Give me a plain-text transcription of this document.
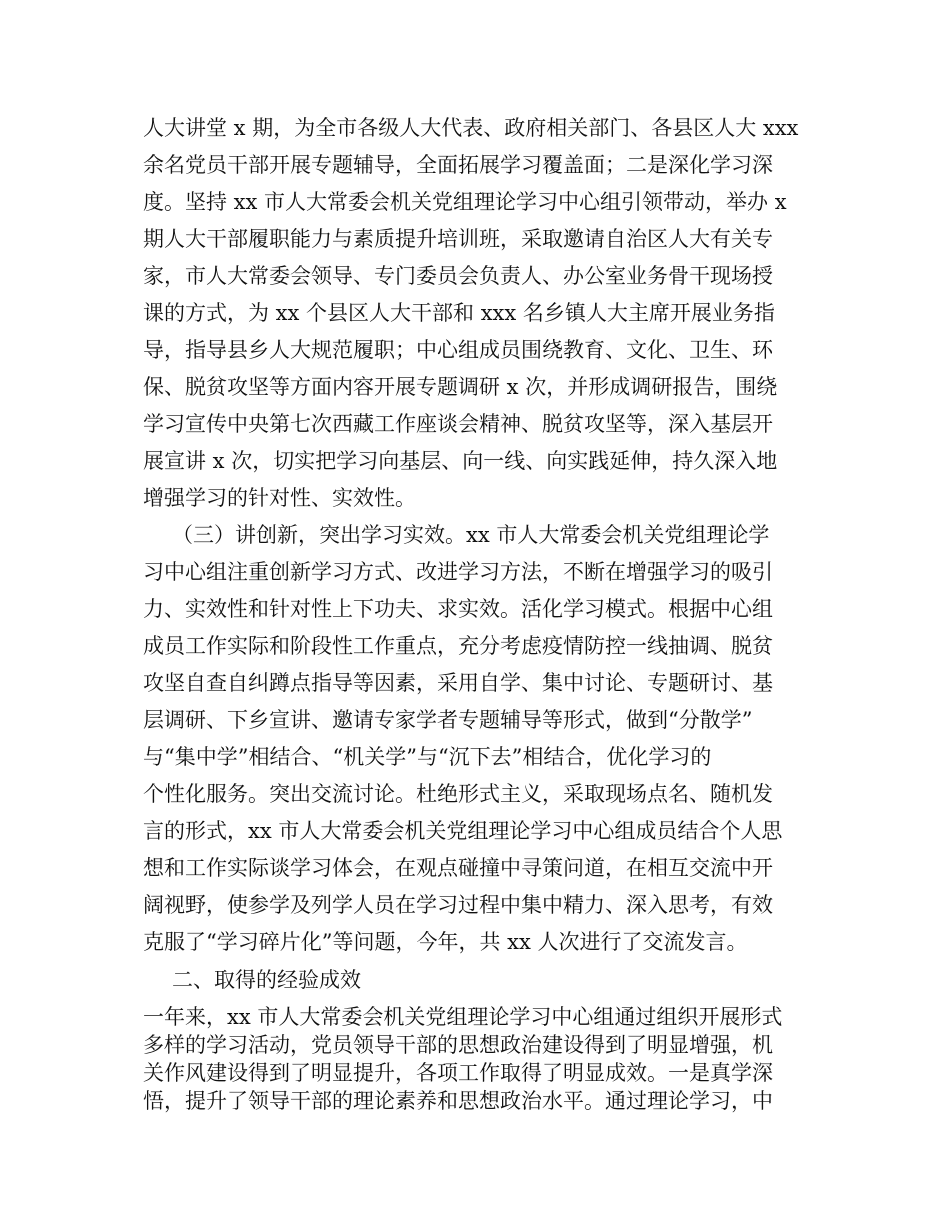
人大讲堂 x 期，为全市各级人大代表、政府相关部门、各县区人大 xxx
余名党员干部开展专题辅导，全面拓展学习覆盖面；二是深化学习深
度。坚持 xx 市人大常委会机关党组理论学习中心组引领带动，举办 x
期人大干部履职能力与素质提升培训班，采取邀请自治区人大有关专
家，市人大常委会领导、专门委员会负责人、办公室业务骨干现场授
课的方式，为 xx 个县区人大干部和 xxx 名乡镇人大主席开展业务指
导，指导县乡人大规范履职；中心组成员围绕教育、文化、卫生、环
保、脱贫攻坚等方面内容开展专题调研 x 次，并形成调研报告，围绕
学习宣传中央第七次西藏工作座谈会精神、脱贫攻坚等，深入基层开
展宣讲 x 次，切实把学习向基层、向一线、向实践延伸，持久深入地
增强学习的针对性、实效性。
（三）讲创新，突出学习实效。xx 市人大常委会机关党组理论学
习中心组注重创新学习方式、改进学习方法，不断在增强学习的吸引
力、实效性和针对性上下功夫、求实效。活化学习模式。根据中心组
成员工作实际和阶段性工作重点，充分考虑疫情防控一线抽调、脱贫
攻坚自查自纠蹲点指导等因素，采用自学、集中讨论、专题研讨、基
层调研、下乡宣讲、邀请专家学者专题辅导等形式，做到“分散学”
与“集中学”相结合、“机关学”与“沉下去”相结合，优化学习的
个性化服务。突出交流讨论。杜绝形式主义，采取现场点名、随机发
言的形式，xx 市人大常委会机关党组理论学习中心组成员结合个人思
想和工作实际谈学习体会，在观点碰撞中寻策问道，在相互交流中开
阔视野，使参学及列学人员在学习过程中集中精力、深入思考，有效
克服了“学习碎片化”等问题，今年，共 xx 人次进行了交流发言。
二、取得的经验成效
一年来，xx 市人大常委会机关党组理论学习中心组通过组织开展形式
多样的学习活动，党员领导干部的思想政治建设得到了明显增强，机
关作风建设得到了明显提升，各项工作取得了明显成效。一是真学深
悟，提升了领导干部的理论素养和思想政治水平。通过理论学习，中
